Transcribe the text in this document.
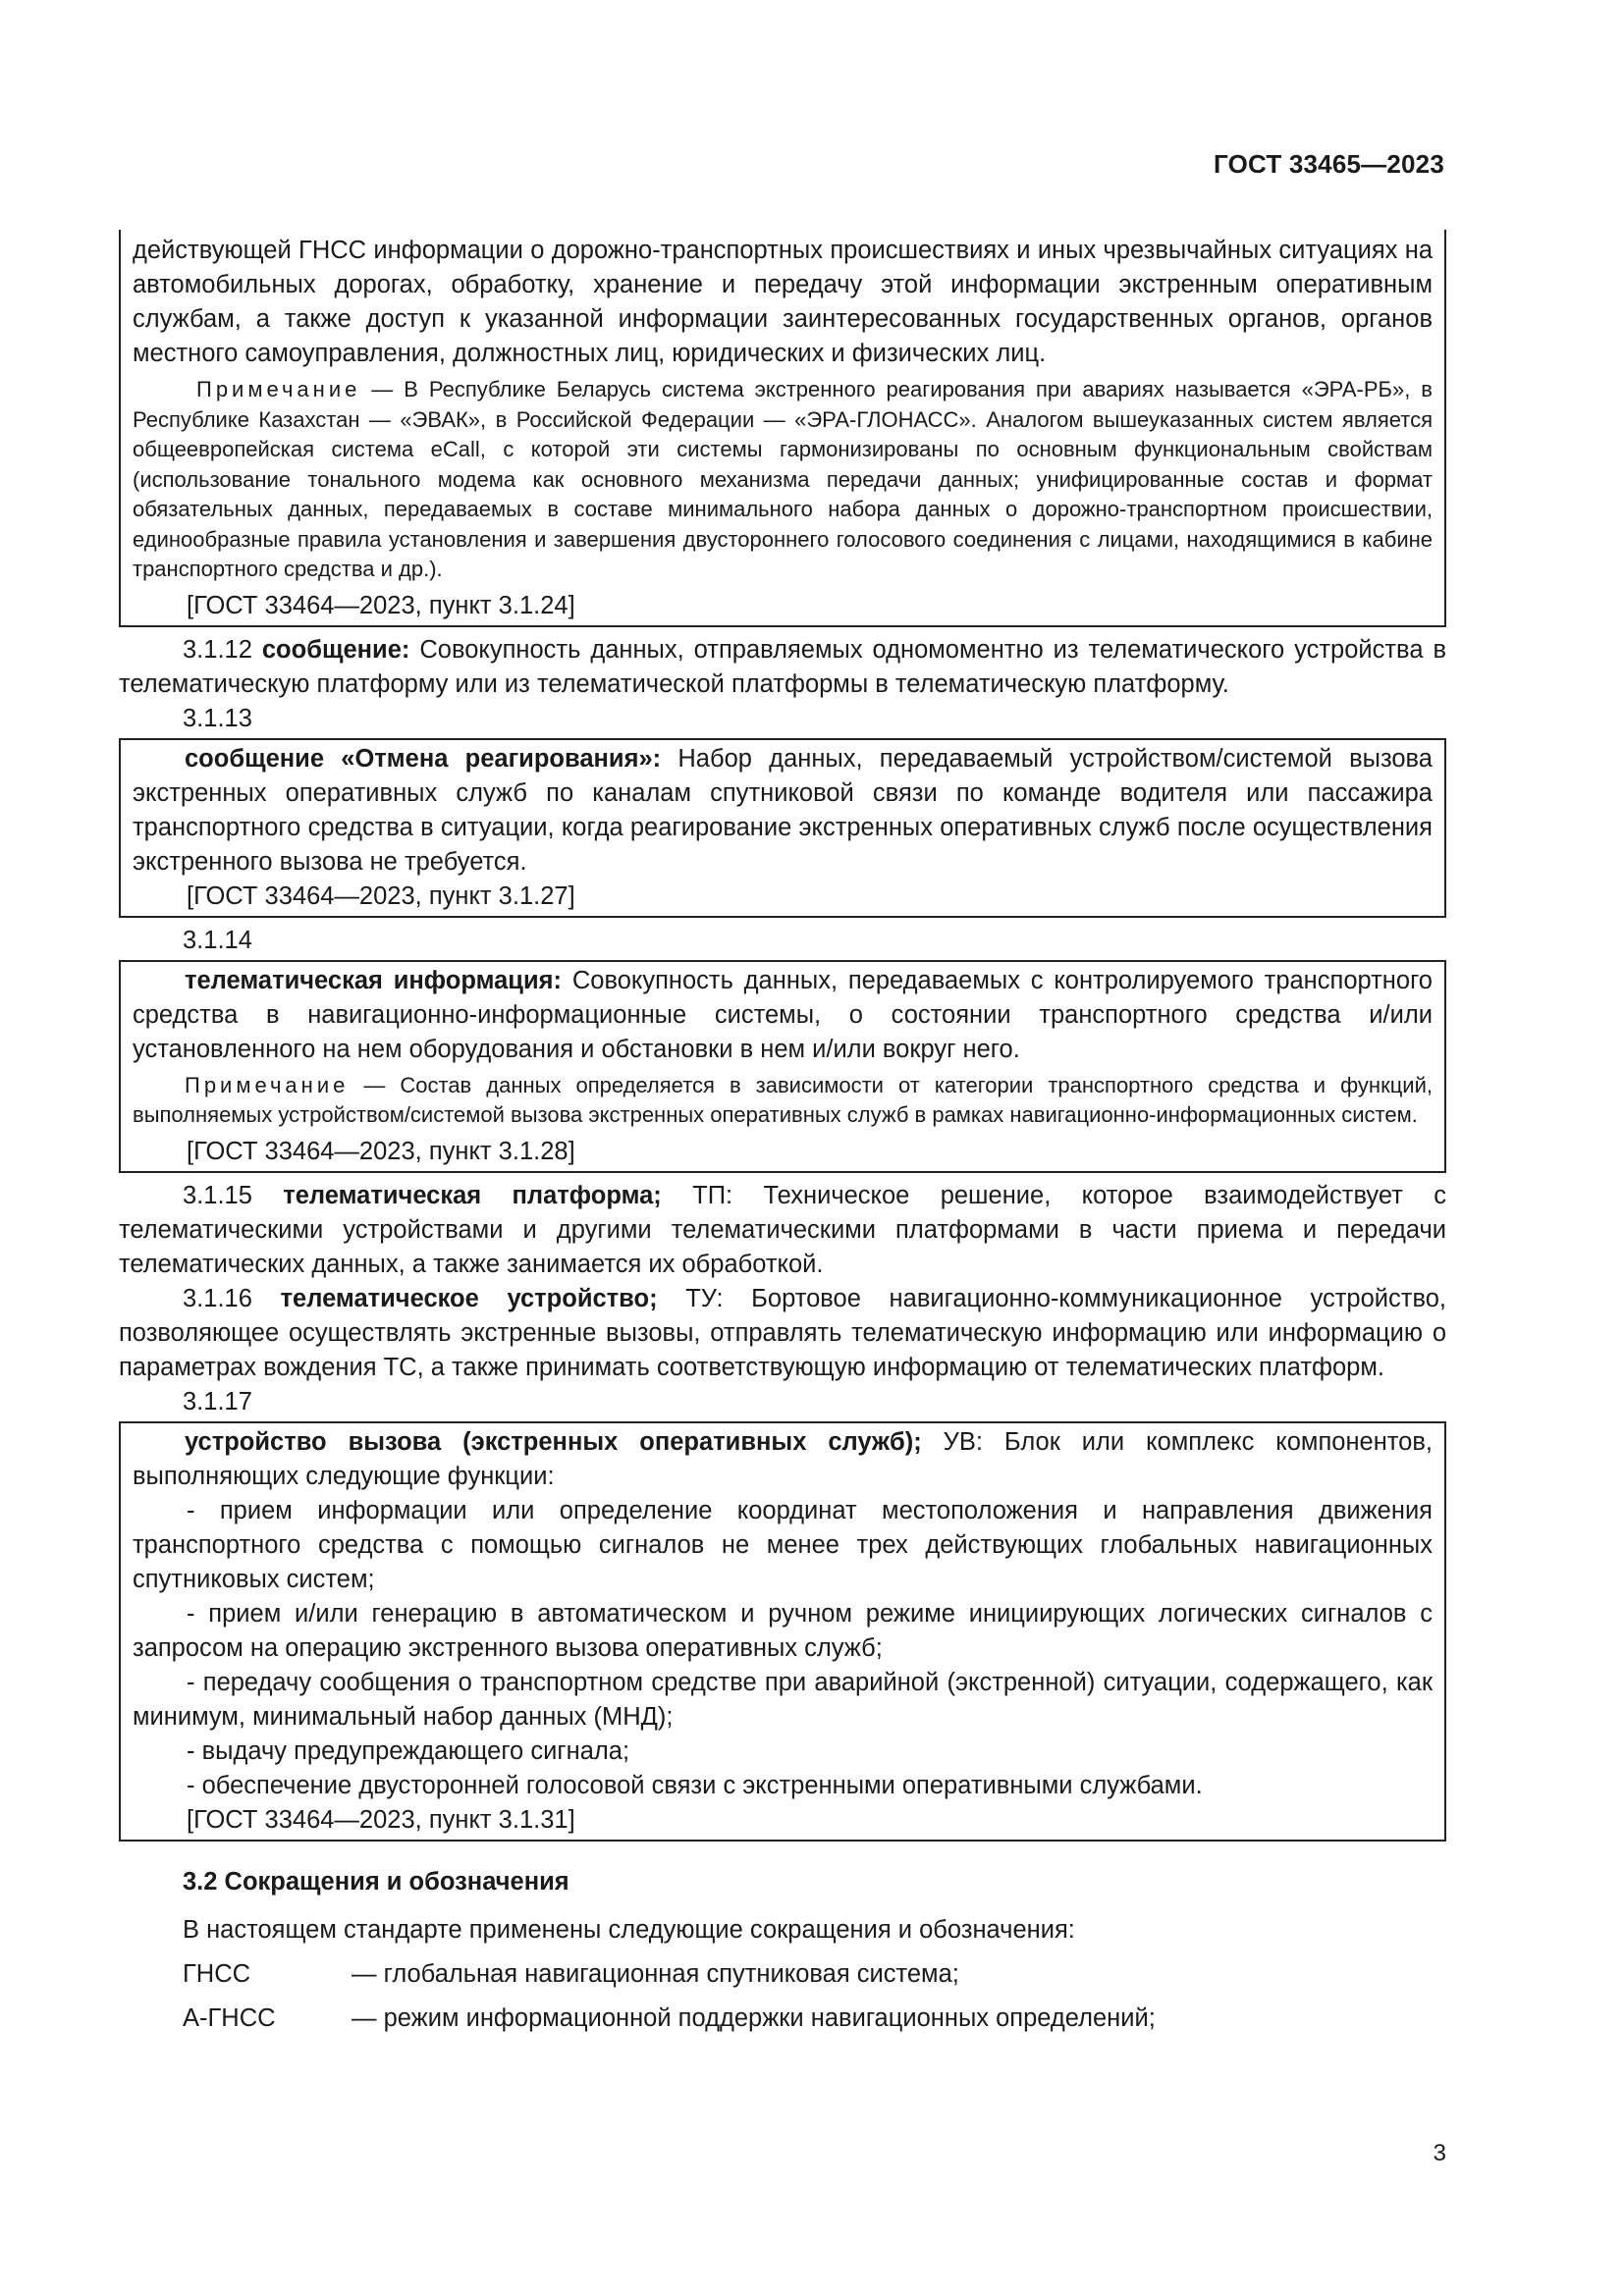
ГОСТ 33465—2023

действующей ГНСС информации о дорожно-транспортных происшествиях и иных чрезвычайных ситуациях на автомобильных дорогах, обработку, хранение и передачу этой информации экстренным оперативным службам, а также доступ к указанной информации заинтересованных государственных органов, органов местного самоуправления, должностных лиц, юридических и физических лиц.

Примечание — В Республике Беларусь система экстренного реагирования при авариях называется «ЭРА-РБ», в Республике Казахстан — «ЭВАК», в Российской Федерации — «ЭРА-ГЛОНАСС». Аналогом вышеуказанных систем является общеевропейская система eCall, с которой эти системы гармонизированы по основным функциональным свойствам (использование тонального модема как основного механизма передачи данных; унифицированные состав и формат обязательных данных, передаваемых в составе минимального набора данных о дорожно-транспортном происшествии, единообразные правила установления и завершения двустороннего голосового соединения с лицами, находящимися в кабине транспортного средства и др.).

[ГОСТ 33464—2023, пункт 3.1.24]

3.1.12 сообщение: Совокупность данных, отправляемых одномоментно из телематического устройства в телематическую платформу или из телематической платформы в телематическую платформу.

3.1.13

сообщение «Отмена реагирования»: Набор данных, передаваемый устройством/системой вызова экстренных оперативных служб по каналам спутниковой связи по команде водителя или пассажира транспортного средства в ситуации, когда реагирование экстренных оперативных служб после осуществления экстренного вызова не требуется.

[ГОСТ 33464—2023, пункт 3.1.27]

3.1.14

телематическая информация: Совокупность данных, передаваемых с контролируемого транспортного средства в навигационно-информационные системы, о состоянии транспортного средства и/или установленного на нем оборудования и обстановки в нем и/или вокруг него.

Примечание — Состав данных определяется в зависимости от категории транспортного средства и функций, выполняемых устройством/системой вызова экстренных оперативных служб в рамках навигационно-информационных систем.

[ГОСТ 33464—2023, пункт 3.1.28]

3.1.15 телематическая платформа; ТП: Техническое решение, которое взаимодействует с телематическими устройствами и другими телематическими платформами в части приема и передачи телематических данных, а также занимается их обработкой.

3.1.16 телематическое устройство; ТУ: Бортовое навигационно-коммуникационное устройство, позволяющее осуществлять экстренные вызовы, отправлять телематическую информацию или информацию о параметрах вождения ТС, а также принимать соответствующую информацию от телематических платформ.

3.1.17

устройство вызова (экстренных оперативных служб); УВ: Блок или комплекс компонентов, выполняющих следующие функции:

- прием информации или определение координат местоположения и направления движения транспортного средства с помощью сигналов не менее трех действующих глобальных навигационных спутниковых систем;

- прием и/или генерацию в автоматическом и ручном режиме инициирующих логических сигналов с запросом на операцию экстренного вызова оперативных служб;

- передачу сообщения о транспортном средстве при аварийной (экстренной) ситуации, содержащего, как минимум, минимальный набор данных (МНД);

- выдачу предупреждающего сигнала;

- обеспечение двусторонней голосовой связи с экстренными оперативными службами.

[ГОСТ 33464—2023, пункт 3.1.31]

3.2 Сокращения и обозначения

В настоящем стандарте применены следующие сокращения и обозначения:

ГНСС	— глобальная навигационная спутниковая система;
А-ГНСС	— режим информационной поддержки навигационных определений;
3
